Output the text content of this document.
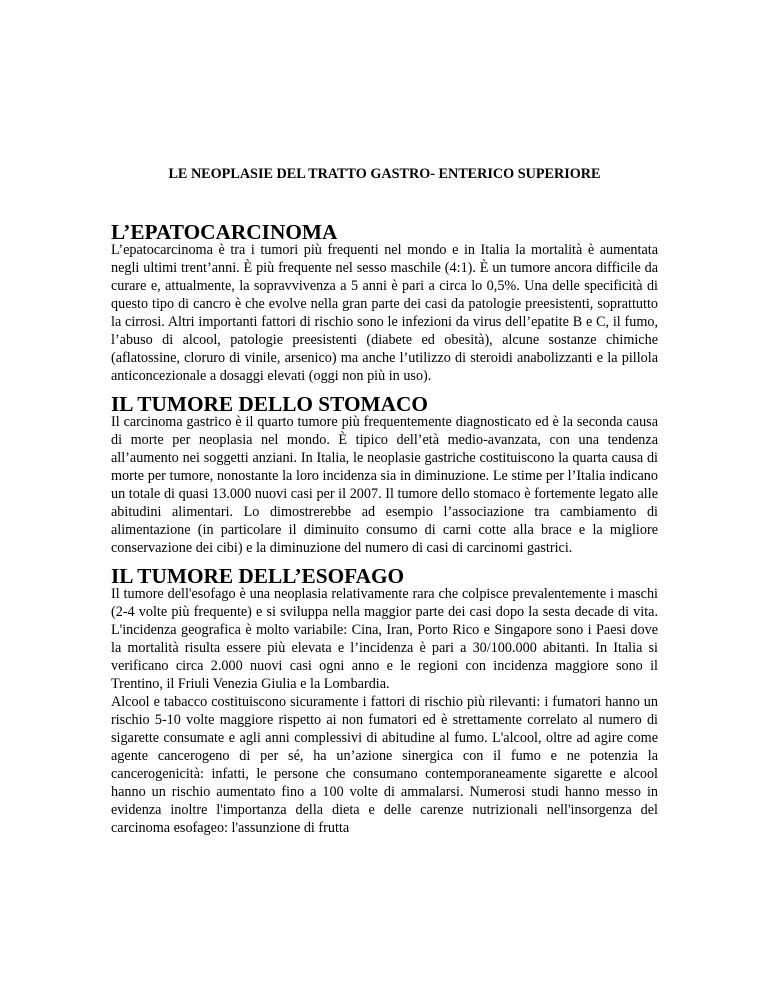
LE NEOPLASIE DEL TRATTO GASTRO- ENTERICO SUPERIORE
L’EPATOCARCINOMA

L’epatocarcinoma è tra i tumori più frequenti nel mondo e in Italia la mortalità è aumentata negli ultimi trent’anni. È più frequente nel sesso maschile (4:1). È un tumore ancora difficile da curare e, attualmente, la sopravvivenza a 5 anni è pari a circa lo 0,5%. Una delle specificità di questo tipo di cancro è che evolve nella gran parte dei casi da patologie preesistenti, soprattutto la cirrosi. Altri importanti fattori di rischio sono le infezioni da virus dell’epatite B e C, il fumo, l’abuso di alcool, patologie preesistenti (diabete ed obesità), alcune sostanze chimiche (aflatossine, cloruro di vinile, arsenico) ma anche l’utilizzo di steroidi anabolizzanti e la pillola anticoncezionale a dosaggi elevati (oggi non più in uso).

IL TUMORE DELLO STOMACO

Il carcinoma gastrico è il quarto tumore più frequentemente diagnosticato ed è la seconda causa di morte per neoplasia nel mondo. È tipico dell’età medio-avanzata, con una tendenza all’aumento nei soggetti anziani. In Italia, le neoplasie gastriche costituiscono la quarta causa di morte per tumore, nonostante la loro incidenza sia in diminuzione. Le stime per l’Italia indicano un totale di quasi 13.000 nuovi casi per il 2007. Il tumore dello stomaco è fortemente legato alle abitudini alimentari. Lo dimostrerebbe ad esempio l’associazione tra cambiamento di alimentazione (in particolare il diminuito consumo di carni cotte alla brace e la migliore conservazione dei cibi) e la diminuzione del numero di casi di carcinomi gastrici.

IL TUMORE DELL’ESOFAGO

Il tumore dell'esofago è una neoplasia relativamente rara che colpisce prevalentemente i maschi (2-4 volte più frequente) e si sviluppa nella maggior parte dei casi dopo la sesta decade di vita. L'incidenza geografica è molto variabile: Cina, Iran, Porto Rico e Singapore sono i Paesi dove la mortalità risulta essere più elevata e l’incidenza è pari a 30/100.000 abitanti. In Italia si verificano circa 2.000 nuovi casi ogni anno e le regioni con incidenza maggiore sono il Trentino, il Friuli Venezia Giulia e la Lombardia.

Alcool e tabacco costituiscono sicuramente i fattori di rischio più rilevanti: i fumatori hanno un rischio 5-10 volte maggiore rispetto ai non fumatori ed è strettamente correlato al numero di sigarette consumate e agli anni complessivi di abitudine al fumo. L'alcool, oltre ad agire come agente cancerogeno di per sé, ha un’azione sinergica con il fumo e ne potenzia la cancerogenicità: infatti, le persone che consumano contemporaneamente sigarette e alcool hanno un rischio aumentato fino a 100 volte di ammalarsi. Numerosi studi hanno messo in evidenza inoltre l'importanza della dieta e delle carenze nutrizionali nell'insorgenza del carcinoma esofageo: l'assunzione di frutta
